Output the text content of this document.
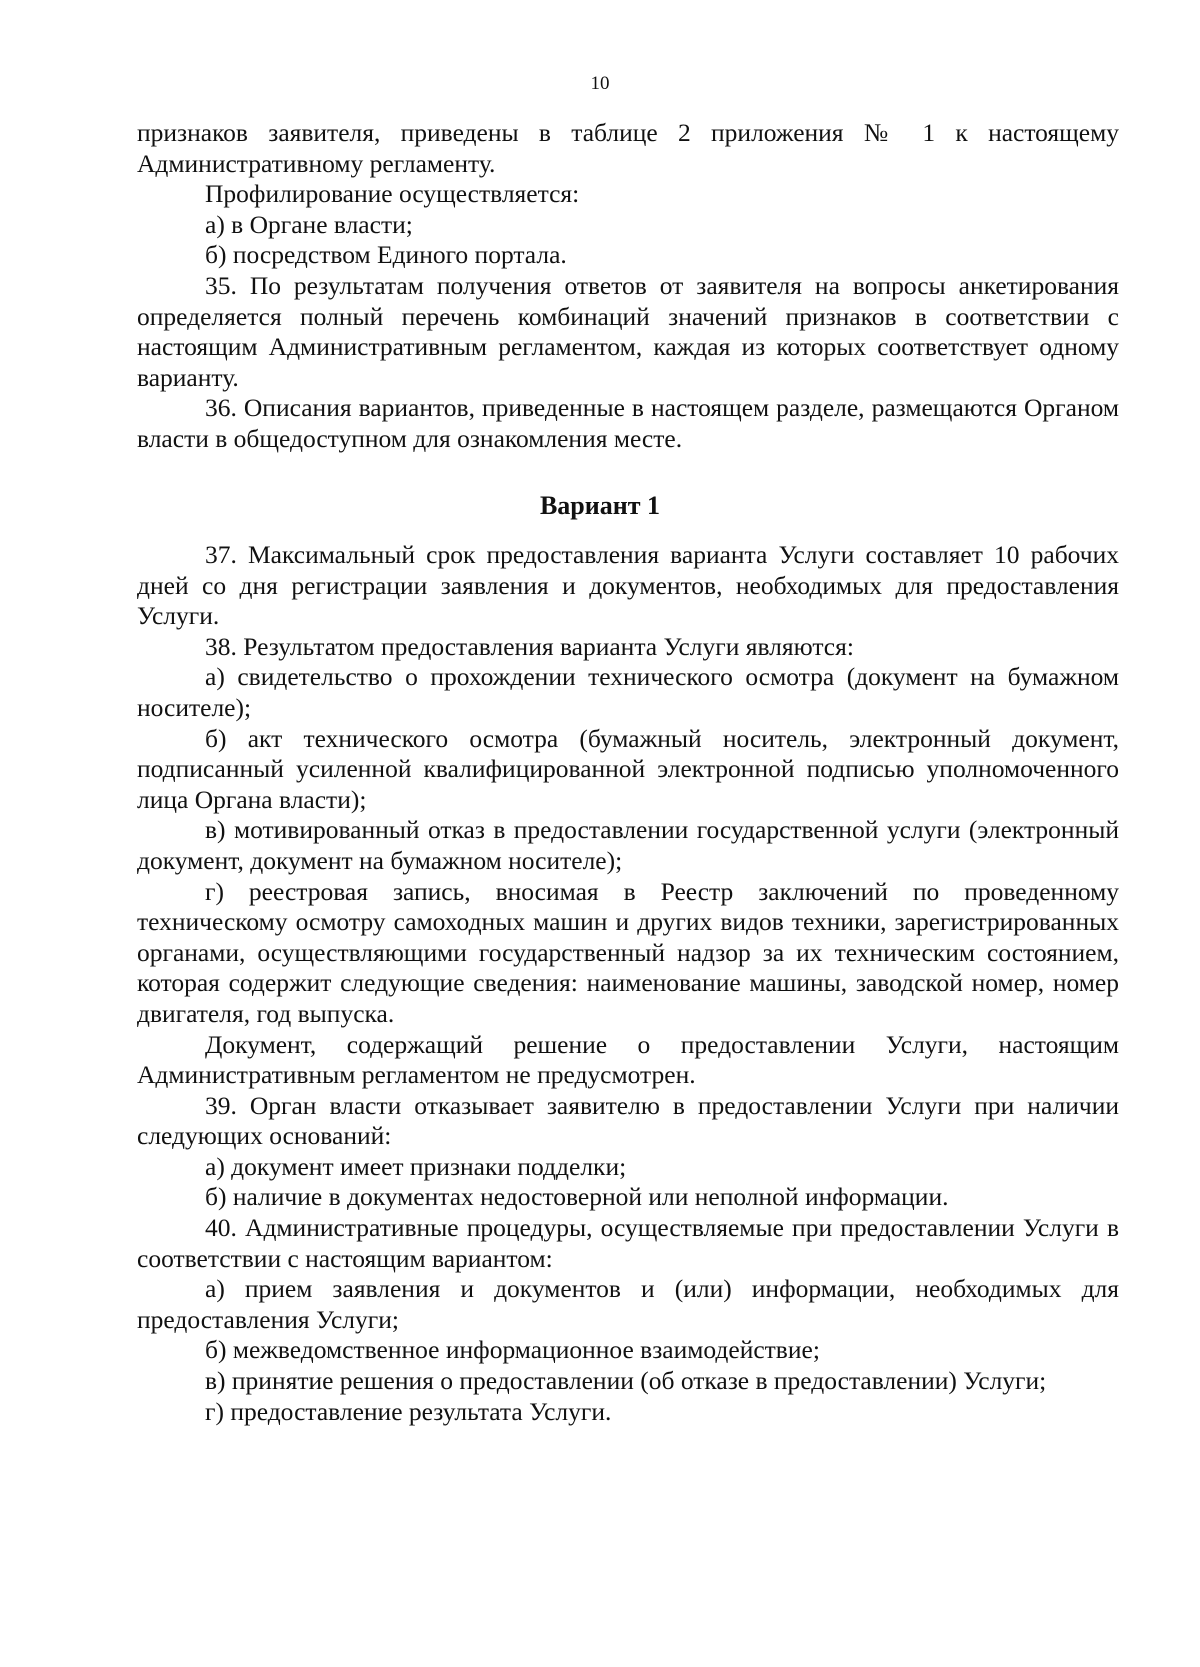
10

признаков заявителя, приведены в таблице 2 приложения № 1 к настоящему Административному регламенту.

Профилирование осуществляется:

а) в Органе власти;

б) посредством Единого портала.

35. По результатам получения ответов от заявителя на вопросы анкетирования определяется полный перечень комбинаций значений признаков в соответствии с настоящим Административным регламентом, каждая из которых соответствует одному варианту.

36. Описания вариантов, приведенные в настоящем разделе, размещаются Органом власти в общедоступном для ознакомления месте.

Вариант 1

37. Максимальный срок предоставления варианта Услуги составляет 10 рабочих дней со дня регистрации заявления и документов, необходимых для предоставления Услуги.

38. Результатом предоставления варианта Услуги являются:

а) свидетельство о прохождении технического осмотра (документ на бумажном носителе);

б) акт технического осмотра (бумажный носитель, электронный документ, подписанный усиленной квалифицированной электронной подписью уполномоченного лица Органа власти);

в) мотивированный отказ в предоставлении государственной услуги (электронный документ, документ на бумажном носителе);

г) реестровая запись, вносимая в Реестр заключений по проведенному техническому осмотру самоходных машин и других видов техники, зарегистрированных органами, осуществляющими государственный надзор за их техническим состоянием, которая содержит следующие сведения: наименование машины, заводской номер, номер двигателя, год выпуска.

Документ, содержащий решение о предоставлении Услуги, настоящим Административным регламентом не предусмотрен.

39. Орган власти отказывает заявителю в предоставлении Услуги при наличии следующих оснований:

а) документ имеет признаки подделки;

б) наличие в документах недостоверной или неполной информации.

40. Административные процедуры, осуществляемые при предоставлении Услуги в соответствии с настоящим вариантом:

а) прием заявления и документов и (или) информации, необходимых для предоставления Услуги;

б) межведомственное информационное взаимодействие;

в) принятие решения о предоставлении (об отказе в предоставлении) Услуги;

г) предоставление результата Услуги.
